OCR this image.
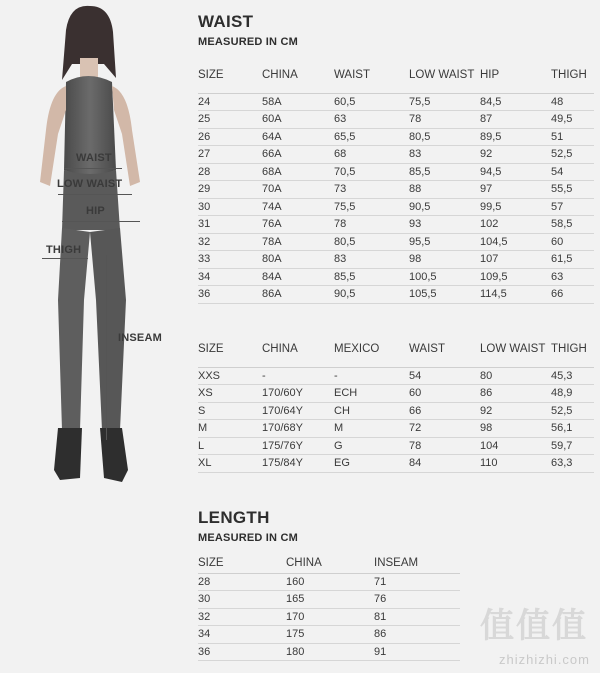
WAIST
LOW WAIST
HIP
THIGH
INSEAM
WAIST
MEASURED IN CM
SIZE	CHINA	WAIST	LOW WAIST	HIP	THIGH
24	58A	60,5	75,5	84,5	48
25	60A	63	78	87	49,5
26	64A	65,5	80,5	89,5	51
27	66A	68	83	92	52,5
28	68A	70,5	85,5	94,5	54
29	70A	73	88	97	55,5
30	74A	75,5	90,5	99,5	57
31	76A	78	93	102	58,5
32	78A	80,5	95,5	104,5	60
33	80A	83	98	107	61,5
34	84A	85,5	100,5	109,5	63
36	86A	90,5	105,5	114,5	66
SIZE	CHINA	MEXICO	WAIST	LOW WAIST	THIGH
XXS	-	-	54	80	45,3
XS	170/60Y	ECH	60	86	48,9
S	170/64Y	CH	66	92	52,5
M	170/68Y	M	72	98	56,1
L	175/76Y	G	78	104	59,7
XL	175/84Y	EG	84	110	63,3
LENGTH
MEASURED IN CM
SIZE	CHINA	INSEAM
28	160	71
30	165	76
32	170	81
34	175	86
36	180	91
值值值
zhizhizhi.com
